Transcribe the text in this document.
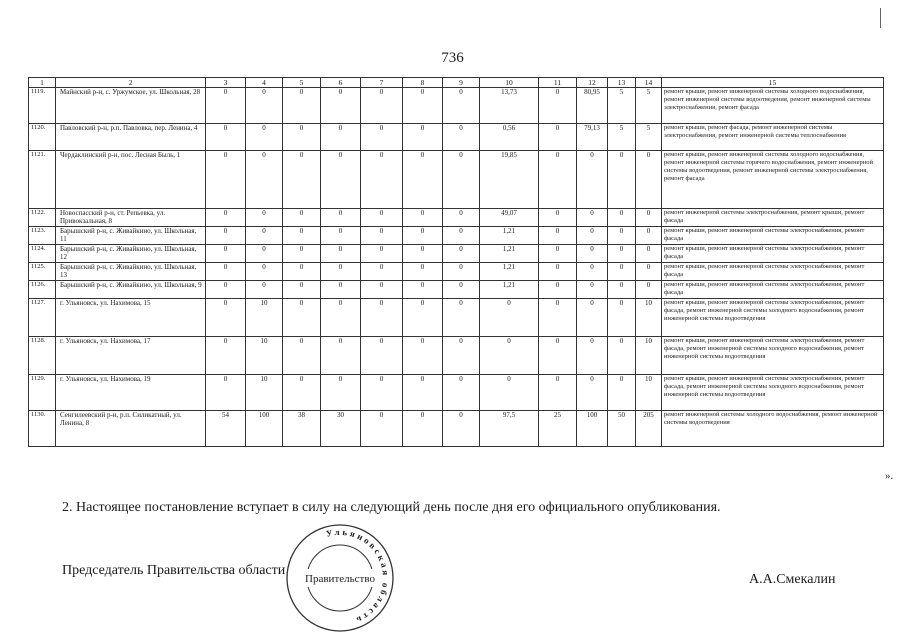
736
1	2	3	4	5	6	7	8	9	10	11	12	13	14	15
1119.	Майнский р-н, с. Уржумское, ул. Школьная, 28	0	0	0	0	0	0	0	13,73	0	80,95	5	5	ремонт крыши, ремонт инженерной системы холодного водоснабжения, ремонт инженерной системы водоотведения, ремонт инженерной системы электроснабжения, ремонт фасада
1120.	Павловский р-н, р.п. Павловка, пер. Ленина, 4	0	0	0	0	0	0	0	0,56	0	79,13	5	5	ремонт крыши, ремонт фасада, ремонт инженерной системы электроснабжения, ремонт инженерной системы теплоснабжения
1121.	Чердаклинский р-н, пос. Лесная Быль, 1	0	0	0	0	0	0	0	19,85	0	0	0	0	ремонт крыши, ремонт инженерной системы холодного водоснабжения, ремонт инженерной системы горячего водоснабжения, ремонт инженерной системы водоотведения, ремонт инженерной системы электроснабжения, ремонт фасада
1122.	Новоспасский р-н, ст. Репьевка, ул. Привокзальная, 8	0	0	0	0	0	0	0	49,07	0	0	0	0	ремонт инженерной системы электроснабжения, ремонт крыши, ремонт фасада
1123.	Барышский р-н, с. Живайкино, ул. Школьная, 11	0	0	0	0	0	0	0	1,21	0	0	0	0	ремонт крыши, ремонт инженерной системы электроснабжения, ремонт фасада
1124.	Барышский р-н, с. Живайкино, ул. Школьная, 12	0	0	0	0	0	0	0	1,21	0	0	0	0	ремонт крыши, ремонт инженерной системы электроснабжения, ремонт фасада
1125.	Барышский р-н, с. Живайкино, ул. Школьная, 13	0	0	0	0	0	0	0	1,21	0	0	0	0	ремонт крыши, ремонт инженерной системы электроснабжения, ремонт фасада
1126.	Барышский р-н, с. Живайкино, ул. Школьная, 9	0	0	0	0	0	0	0	1,21	0	0	0	0	ремонт крыши, ремонт инженерной системы электроснабжения, ремонт фасада
1127.	г. Ульяновск, ул. Нахимова, 15	0	10	0	0	0	0	0	0	0	0	0	10	ремонт крыши, ремонт инженерной системы электроснабжения, ремонт фасада, ремонт инженерной системы холодного водоснабжения, ремонт инженерной системы водоотведения
1128.	г. Ульяновск, ул. Нахимова, 17	0	10	0	0	0	0	0	0	0	0	0	10	ремонт крыши, ремонт инженерной системы электроснабжения, ремонт фасада, ремонт инженерной системы холодного водоснабжения, ремонт инженерной системы водоотведения
1129.	г. Ульяновск, ул. Нахимова, 19	0	10	0	0	0	0	0	0	0	0	0	10	ремонт крыши, ремонт инженерной системы электроснабжения, ремонт фасада, ремонт инженерной системы холодного водоснабжения, ремонт инженерной системы водоотведения
1130.	Сенгилеевский р-н, р.п. Силикатный, ул. Ленина, 8	54	100	38	30	0	0	0	97,5	25	100	50	205	ремонт инженерной системы холодного водоснабжения, ремонт инженерной системы водоотведения
».
2. Настоящее постановление вступает в силу на следующий день после дня его официального опубликования.
Председатель Правительства области
А.А.Смекалин
Ульяновская область
Правительство
